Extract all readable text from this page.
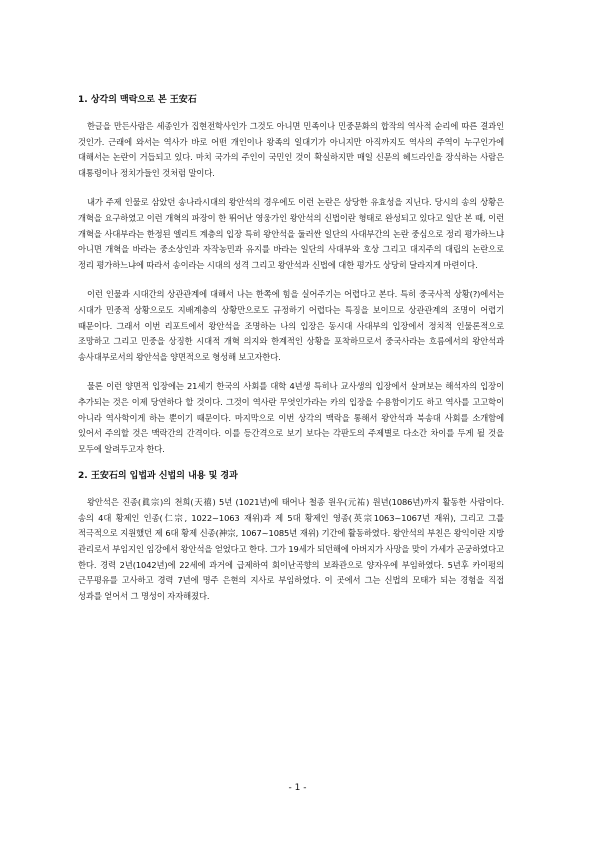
1. 상각의 맥락으로 본 王安石

한글을 만든사람은 세종인가 집현전학사인가 그것도 아니면 민족이나 민중문화의 합작의 역사적 순리에 따른 결과인 것인가. 근래에 와서는 역사가 바로 어떤 개인이나 왕족의 일대기가 아니지만 아직까지도 역사의 주역이 누구인가에 대해서는 논란이 거듭되고 있다. 마치 국가의 주인이 국민인 것이 확실하지만 매일 신문의 헤드라인을 장식하는 사람은 대통령이나 정치가들인 것처럼 말이다.

내가 주제 인물로 삼았던 송나라시대의 왕안석의 경우에도 이런 논란은 상당한 유효성을 지닌다. 당시의 송의 상황은 개혁을 요구하였고 이런 개혁의 파장이 한 뛰어난 영웅가인 왕안석의 신법이란 형태로 완성되고 있다고 일단 본 때, 이런 개혁을 사대부라는 한정된 엘리트 계층의 입장 특히 왕안석을 둘러싼 일단의 사대부간의 논란 중심으로 정리 평가하느냐 아니면 개혁을 바라는 중소상인과 자작농민과 유지를 바라는 일단의 사대부와 호상 그리고 대지주의 대립의 논란으로 정리 평가하느냐에 따라서 송이라는 시대의 성격 그리고 왕안석과 신법에 대한 평가도 상당히 달라지게 마련이다.

이런 인물과 시대간의 상관관계에 대해서 나는 한쪽에 힘을 실어주기는 어렵다고 본다. 특히 중국사적 상황(?)에서는 시대가 민중적 상황으로도 지배계층의 상황만으로도 규정하기 어렵다는 특징을 보이므로 상관관계의 조명이 어렵기 때문이다. 그래서 이번 리포트에서 왕안석을 조명하는 나의 입장은 동시대 사대부의 입장에서 정치적 인물론적으로 조망하고 그리고 민중을 상징한 시대적 개혁 의지와 한계적인 상황을 포착하므로서 중국사라는 흐름에서의 왕안석과 송사대부로서의 왕안석을 양면적으로 형성해 보고자한다.

물론 이런 양면적 입장에는 21세기 한국의 사회를 대학 4년생 특히나 교사생의 입장에서 살펴보는 해석자의 입장이 추가되는 것은 이제 당연하다 할 것이다. 그것이 역사란 무엇인가라는 카의 입장을 수용함이기도 하고 역사를 고고학이 아니라 역사학이게 하는 뿐이기 때문이다. 마지막으로 이번 상각의 맥락을 통해서 왕안석과 북송대 사회를 소개함에 있어서 주의할 것은 맥락간의 간격이다. 이를 등간격으로 보기 보다는 각판도의 주제별로 다소간 차이를 두게 될 것을 모두에 알려두고자 한다.

2. 王安石의 입법과 신법의 내용 및 경과

왕안석은 진종(眞宗)의 천희(天禧) 5년 (1021년)에 태어나 철종 원우(元祐) 원년(1086년)까지 활동한 사람이다. 송의 4대 황제인 인종(仁宗, 1022~1063 재위)과 제 5대 황제인 영종(英宗1063~1067년 재위), 그리고 그를 적극적으로 지원했던 제 6대 황제 신종(神宗, 1067~1085년 재위) 기간에 활동하였다. 왕안석의 부친은 왕익이란 지방 관리로서 부임지인 임강에서 왕안석을 얻었다고 한다. 그가 19세가 되던해에 아버지가 사망을 맞이 가세가 곤궁하였다고 한다. 경력 2년(1042년)에 22세에 과거에 급제하여 회이난곡향의 보좌관으로 양자우에 부임하였다. 5년후 카이펑의 근무평유를 고사하고 경력 7년에 명주 은현의 지사로 부임하였다. 이 곳에서 그는 신법의 모태가 되는 경험을 직접 성과를 얻어서 그 명성이 자자해졌다.

- 1 -
